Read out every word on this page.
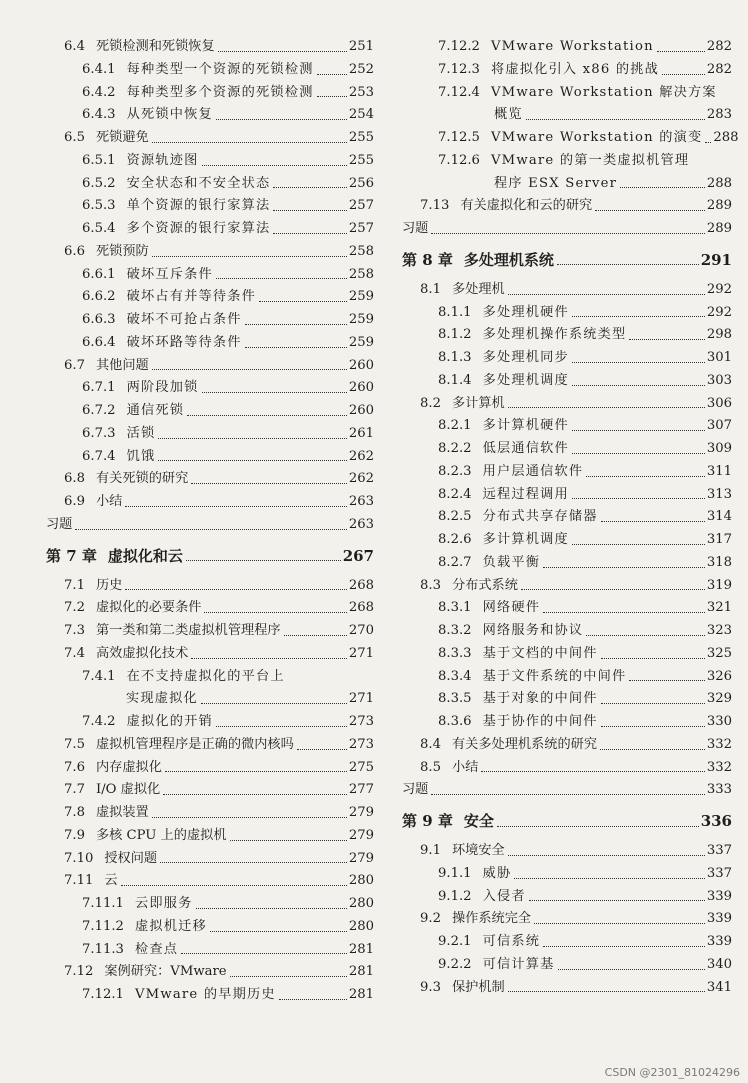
6.4 死锁检测和死锁恢复	251
6.4.1 每种类型一个资源的死锁检测	252
6.4.2 每种类型多个资源的死锁检测	253
6.4.3 从死锁中恢复	254
6.5 死锁避免	255
6.5.1 资源轨迹图	255
6.5.2 安全状态和不安全状态	256
6.5.3 单个资源的银行家算法	257
6.5.4 多个资源的银行家算法	257
6.6 死锁预防	258
6.6.1 破坏互斥条件	258
6.6.2 破坏占有并等待条件	259
6.6.3 破坏不可抢占条件	259
6.6.4 破坏环路等待条件	259
6.7 其他问题	260
6.7.1 两阶段加锁	260
6.7.2 通信死锁	260
6.7.3 活锁	261
6.7.4 饥饿	262
6.8 有关死锁的研究	262
6.9 小结	263
习题	263
第 7 章 虚拟化和云	267
7.1 历史	268
7.2 虚拟化的必要条件	268
7.3 第一类和第二类虚拟机管理程序	270
7.4 高效虚拟化技术	271
7.4.1 在不支持虚拟化的平台上
实现虚拟化	271
7.4.2 虚拟化的开销	273
7.5 虚拟机管理程序是正确的微内核吗	273
7.6 内存虚拟化	275
7.7 I/O 虚拟化	277
7.8 虚拟装置	279
7.9 多核 CPU 上的虚拟机	279
7.10 授权问题	279
7.11 云	280
7.11.1 云即服务	280
7.11.2 虚拟机迁移	280
7.11.3 检查点	281
7.12 案例研究：VMware	281
7.12.1 VMware 的早期历史	281
7.12.2 VMware Workstation	282
7.12.3 将虚拟化引入 x86 的挑战	282
7.12.4 VMware Workstation 解决方案
概览	283
7.12.5 VMware Workstation 的演变 288
7.12.6 VMware 的第一类虚拟机管理
程序 ESX Server	288
7.13 有关虚拟化和云的研究	289
习题	289
第 8 章 多处理机系统	291
8.1 多处理机	292
8.1.1 多处理机硬件	292
8.1.2 多处理机操作系统类型	298
8.1.3 多处理机同步	301
8.1.4 多处理机调度	303
8.2 多计算机	306
8.2.1 多计算机硬件	307
8.2.2 低层通信软件	309
8.2.3 用户层通信软件	311
8.2.4 远程过程调用	313
8.2.5 分布式共享存储器	314
8.2.6 多计算机调度	317
8.2.7 负载平衡	318
8.3 分布式系统	319
8.3.1 网络硬件	321
8.3.2 网络服务和协议	323
8.3.3 基于文档的中间件	325
8.3.4 基于文件系统的中间件	326
8.3.5 基于对象的中间件	329
8.3.6 基于协作的中间件	330
8.4 有关多处理机系统的研究	332
8.5 小结	332
习题	333
第 9 章 安全	336
9.1 环境安全	337
9.1.1 威胁	337
9.1.2 入侵者	339
9.2 操作系统完全	339
9.2.1 可信系统	339
9.2.2 可信计算基	340
9.3 保护机制	341
CSDN @2301_81024296
